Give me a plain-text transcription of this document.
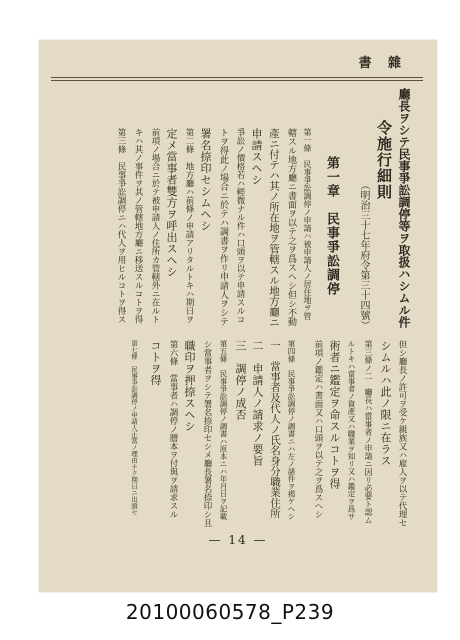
書 雜
廳長ヲシテ民事爭訟調停等ヲ取扱ハシムル件
令施行細則
（明治三十七年府令第三十四號）
第一章　民事爭訟調停
第一條　民事爭訟調停ノ申請ハ被申請人ノ居住地ヲ管
轄スル地方廳ニ書面ヲ以テ之ヲ爲スヘシ但シ不動
產ニ付テハ其ノ所在地ヲ管轄スル地方廳ニ
申請スヘシ
爭訟ノ價格若ハ輕微ナル件ハ口頭ヲ以テ申請スルコ
トヲ得此ノ場合ニ於テハ調書ヲ作リ申請人ヲシテ
署名捺印セシムヘシ
第二條　地方廳ハ前條ノ申請アリタルトキハ期日ヲ
定メ當事者雙方ヲ呼出スヘシ
前項ノ場合ニ於テ被申請人ノ住所カ管轄外ニ在ルト
キハ其ノ事件ヲ其ノ管轄地方廳ニ移送スルコトヲ得
第三條　民事爭訟調停ニハ代人ヲ用ヒルコトヲ得ス
但シ廳長ノ許可ヲ受ケ親族又ハ雇人ヲ以テ代理セ
シムルハ此ノ限ニ在ラス
第三條ノ二　廳長ハ當事者ノ申請ニ因リ必要ト認ム
ルトキハ當事者ノ資產又ハ職業ヲ知リ又ハ鑑定ヲ爲サ
術者ニ鑑定ヲ命スルコトヲ得
前項ノ鑑定ハ書面又ハ口頭ヲ以テ之ヲ爲スヘシ
第四條　民事爭訟調停ノ調書ニハ左ノ諸件ヲ揭ケヘシ
一　當事者及代人ノ氏名身分職業住所
二　申請人ノ請求ノ要旨
三　調停ノ成否
第五條　民事爭訟調停ノ調書ハ原本ニハ年月日ヲ記載
シ當事者ヲシテ署名捺印セシメ廳長署名捺印シ且
職印ヲ押捺スヘシ
第六條　當事者ハ調停ノ謄本ヲ付與ヲ請求スル
コトヲ得
第七條　民事爭訟調停ノ申請人正當ノ理由ナク期日ニ出頭セ
— 14 —
20100060578_P239
